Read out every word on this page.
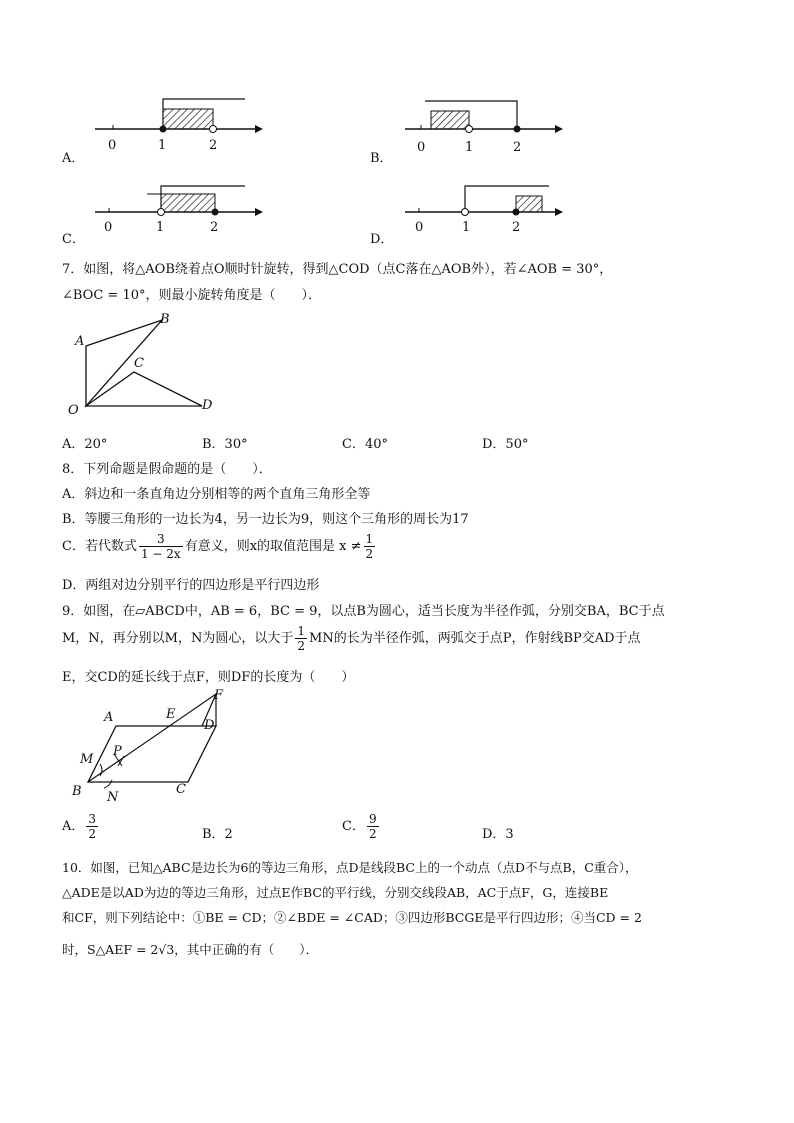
A．
0	1	2
B．
0	1	2
C．
0	1	2
D．
0	1	2
7．如图，将△AOB绕着点O顺时针旋转，得到△COD（点C落在△AOB外），若∠AOB = 30°，
∠BOC = 10°，则最小旋转角度是（　　）．
A
B
C
O	D
A．20°	B．30°	C．40°	D．50°
8．下列命题是假命题的是（　　）．
A．斜边和一条直角边分别相等的两个直角三角形全等
B．等腰三角形的一边长为4，另一边长为9，则这个三角形的周长为17
C．若代数式 $\frac{3}{1 - 2x}$ 有意义，则x的取值范围是 $x \ne \frac{1}{2}$
D．两组对边分别平行的四边形是平行四边形
9．如图，在▱ABCD中，AB = 6，BC = 9，以点B为圆心，适当长度为半径作弧，分别交BA，BC于点
M，N，再分别以M，N为圆心，以大于 $\frac{1}{2}$ MN的长为半径作弧，两弧交于点P，作射线BP交AD于点
E，交CD的延长线于点F，则DF的长度为（　　）
A	E
F
D
M
P
B N
C
A． $\frac{3}{2}$	B．2
C． $\frac{9}{2}$	D．3
10．如图，已知△ABC是边长为6的等边三角形，点D是线段BC上的一个动点（点D不与点B，C重合），
△ADE是以AD为边的等边三角形，过点E作BC的平行线，分别交线段AB，AC于点F，G，连接BE
和CF，则下列结论中：①BE = CD；②∠BDE = ∠CAD；③四边形BCGE是平行四边形；④当CD = 2
时，S△AEF = 2√3，其中正确的有（　　）．
